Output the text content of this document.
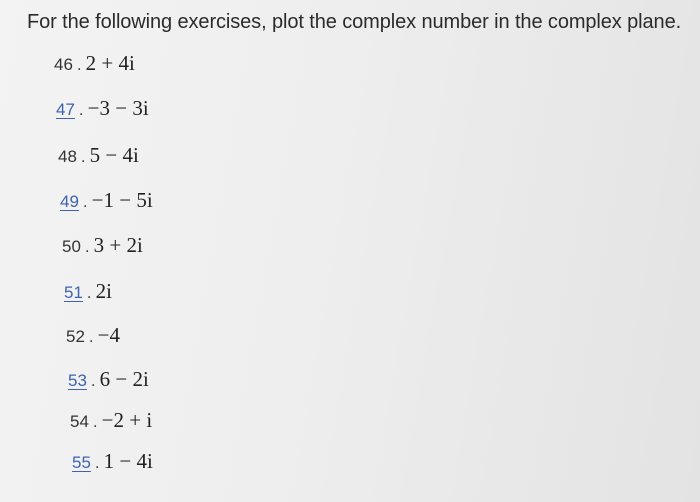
For the following exercises, plot the complex number in the complex plane.
46 . 2 + 4i
47 . −3 − 3i
48 . 5 − 4i
49 . −1 − 5i
50 . 3 + 2i
51 . 2i
52 . −4
53 . 6 − 2i
54 . −2 + i
55 . 1 − 4i
